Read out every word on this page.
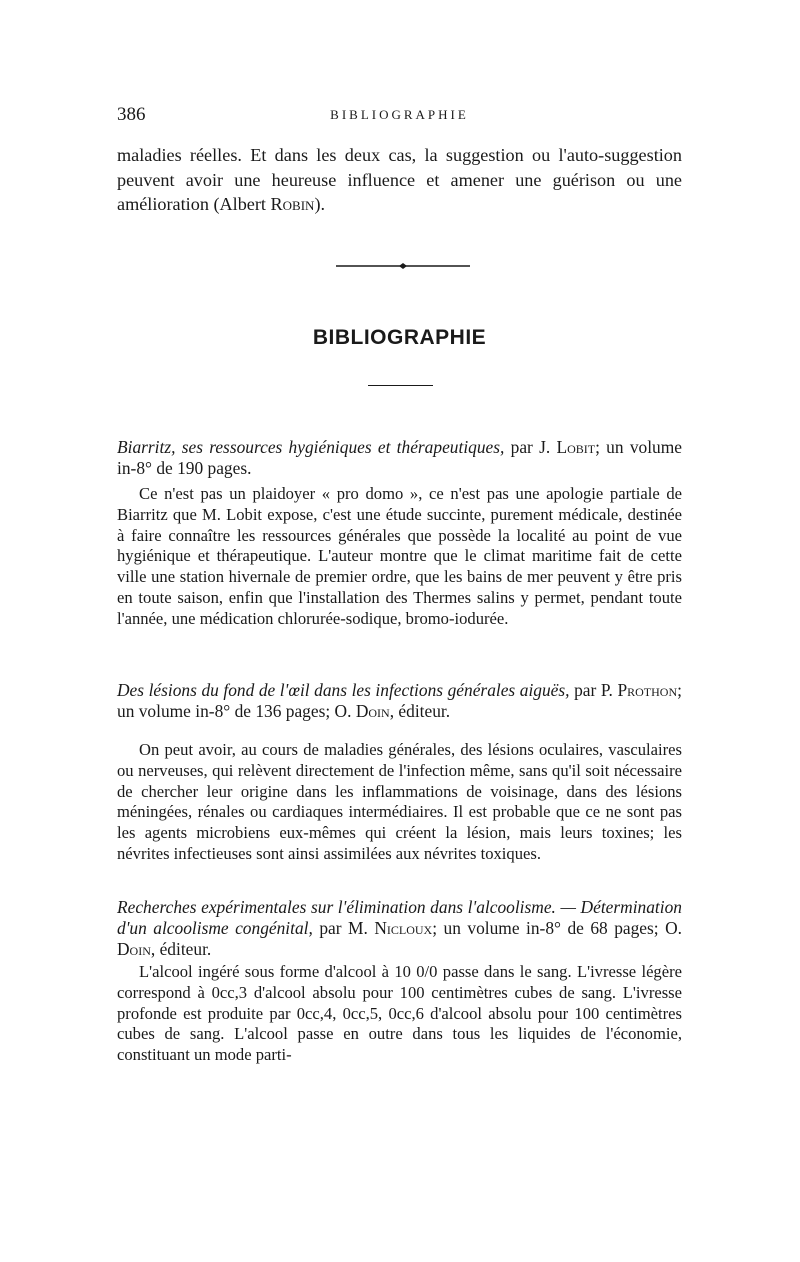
386	BIBLIOGRAPHIE

maladies réelles. Et dans les deux cas, la suggestion ou l'auto-suggestion peuvent avoir une heureuse influence et amener une guérison ou une amélioration (Albert Robin).

BIBLIOGRAPHIE

Biarritz, ses ressources hygiéniques et thérapeutiques, par J. Lobit; un volume in-8° de 190 pages.

Ce n'est pas un plaidoyer « pro domo », ce n'est pas une apologie partiale de Biarritz que M. Lobit expose, c'est une étude succinte, purement médicale, destinée à faire connaître les ressources générales que possède la localité au point de vue hygiénique et thérapeutique. L'auteur montre que le climat maritime fait de cette ville une station hivernale de premier ordre, que les bains de mer peuvent y être pris en toute saison, enfin que l'installation des Thermes salins y permet, pendant toute l'année, une médication chlorurée-sodique, bromo-iodurée.

Des lésions du fond de l'œil dans les infections générales aiguës, par P. Prothon; un volume in-8° de 136 pages; O. Doin, éditeur.

On peut avoir, au cours de maladies générales, des lésions oculaires, vasculaires ou nerveuses, qui relèvent directement de l'infection même, sans qu'il soit nécessaire de chercher leur origine dans les inflammations de voisinage, dans des lésions méningées, rénales ou cardiaques intermédiaires. Il est probable que ce ne sont pas les agents microbiens eux-mêmes qui créent la lésion, mais leurs toxines; les névrites infectieuses sont ainsi assimilées aux névrites toxiques.

Recherches expérimentales sur l'élimination dans l'alcoolisme. — Détermination d'un alcoolisme congénital, par M. Nicloux; un volume in-8° de 68 pages; O. Doin, éditeur.

L'alcool ingéré sous forme d'alcool à 10 0/0 passe dans le sang. L'ivresse légère correspond à 0cc,3 d'alcool absolu pour 100 centimètres cubes de sang. L'ivresse profonde est produite par 0cc,4, 0cc,5, 0cc,6 d'alcool absolu pour 100 centimètres cubes de sang. L'alcool passe en outre dans tous les liquides de l'économie, constituant un mode parti-
